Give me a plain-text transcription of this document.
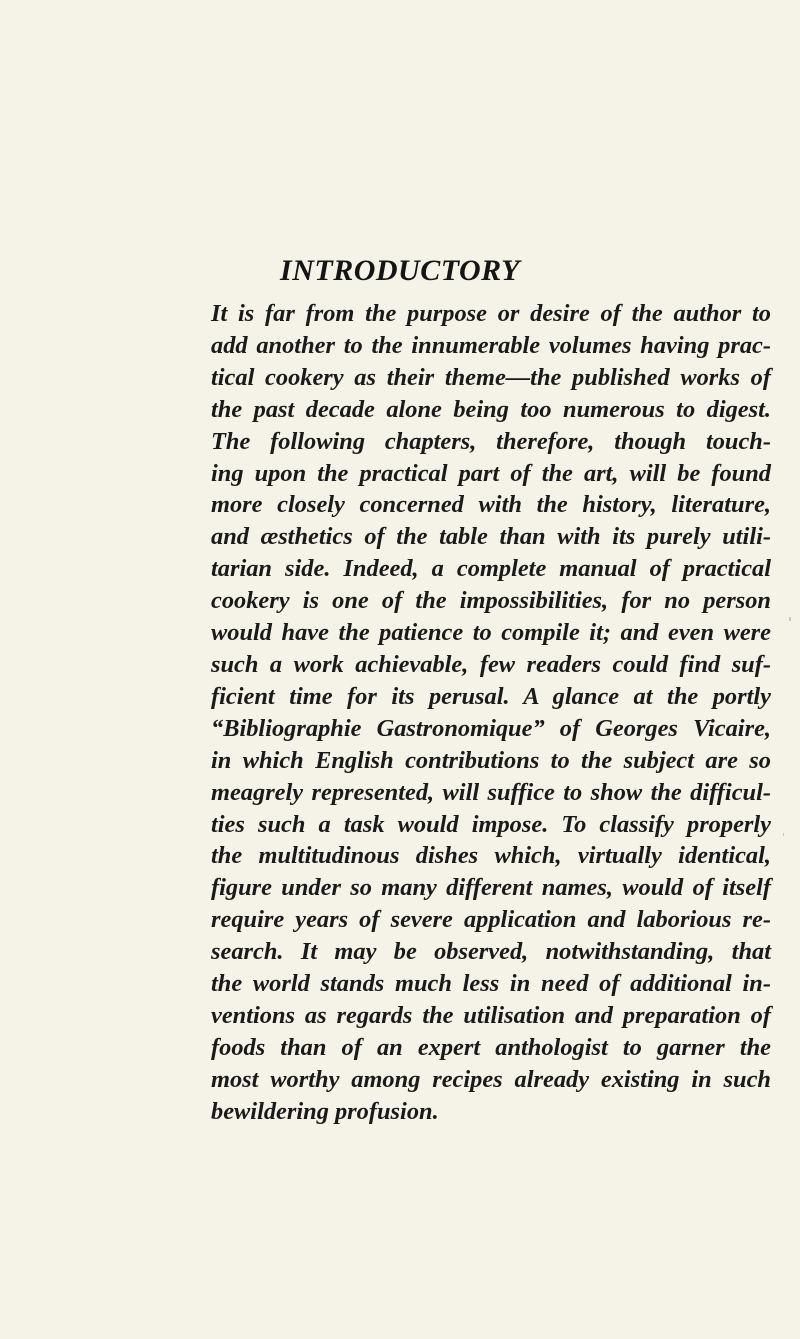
INTRODUCTORY
It is far from the purpose or desire of the author to
add another to the innumerable volumes having prac-
tical cookery as their theme—the published works of
the past decade alone being too numerous to digest.
The following chapters, therefore, though touch-
ing upon the practical part of the art, will be found
more closely concerned with the history, literature,
and æsthetics of the table than with its purely utili-
tarian side. Indeed, a complete manual of practical
cookery is one of the impossibilities, for no person
would have the patience to compile it; and even were
such a work achievable, few readers could find suf-
ficient time for its perusal. A glance at the portly
“Bibliographie Gastronomique” of Georges Vicaire,
in which English contributions to the subject are so
meagrely represented, will suffice to show the difficul-
ties such a task would impose. To classify properly
the multitudinous dishes which, virtually identical,
figure under so many different names, would of itself
require years of severe application and laborious re-
search. It may be observed, notwithstanding, that
the world stands much less in need of additional in-
ventions as regards the utilisation and preparation of
foods than of an expert anthologist to garner the
most worthy among recipes already existing in such
bewildering profusion.
